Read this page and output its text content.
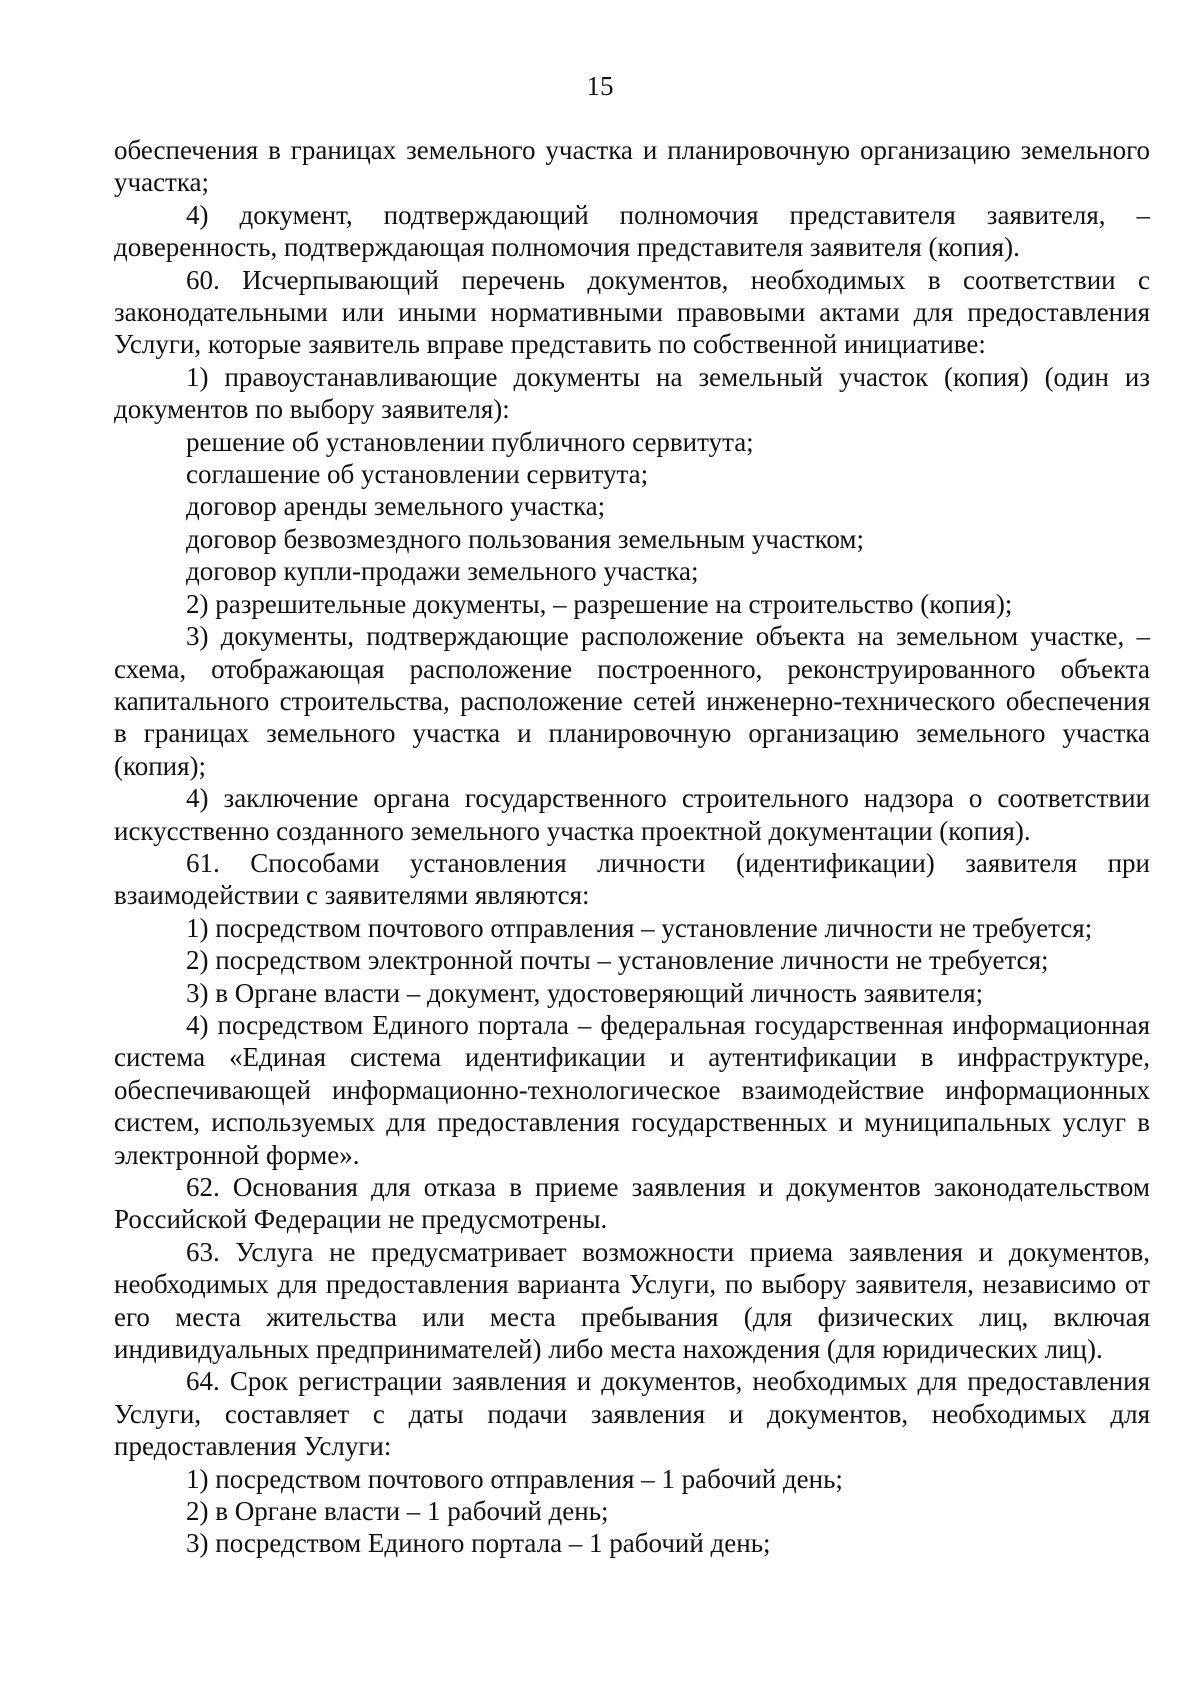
15

обеспечения в границах земельного участка и планировочную организацию земельного участка;

4) документ, подтверждающий полномочия представителя заявителя, – доверенность, подтверждающая полномочия представителя заявителя (копия).

60. Исчерпывающий перечень документов, необходимых в соответствии с законодательными или иными нормативными правовыми актами для предоставления Услуги, которые заявитель вправе представить по собственной инициативе:

1) правоустанавливающие документы на земельный участок (копия) (один из документов по выбору заявителя):

решение об установлении публичного сервитута;

соглашение об установлении сервитута;

договор аренды земельного участка;

договор безвозмездного пользования земельным участком;

договор купли-продажи земельного участка;

2) разрешительные документы, – разрешение на строительство (копия);

3) документы, подтверждающие расположение объекта на земельном участке, – схема, отображающая расположение построенного, реконструированного объекта капитального строительства, расположение сетей инженерно-технического обеспечения в границах земельного участка и планировочную организацию земельного участка (копия);

4) заключение органа государственного строительного надзора о соответствии искусственно созданного земельного участка проектной документации (копия).

61. Способами установления личности (идентификации) заявителя при взаимодействии с заявителями являются:

1) посредством почтового отправления – установление личности не требуется;

2) посредством электронной почты – установление личности не требуется;

3) в Органе власти – документ, удостоверяющий личность заявителя;

4) посредством Единого портала – федеральная государственная информационная система «Единая система идентификации и аутентификации в инфраструктуре, обеспечивающей информационно-технологическое взаимодействие информационных систем, используемых для предоставления государственных и муниципальных услуг в электронной форме».

62. Основания для отказа в приеме заявления и документов законодательством Российской Федерации не предусмотрены.

63. Услуга не предусматривает возможности приема заявления и документов, необходимых для предоставления варианта Услуги, по выбору заявителя, независимо от его места жительства или места пребывания (для физических лиц, включая индивидуальных предпринимателей) либо места нахождения (для юридических лиц).

64. Срок регистрации заявления и документов, необходимых для предоставления Услуги, составляет с даты подачи заявления и документов, необходимых для предоставления Услуги:

1) посредством почтового отправления – 1 рабочий день;

2) в Органе власти – 1 рабочий день;

3) посредством Единого портала – 1 рабочий день;
